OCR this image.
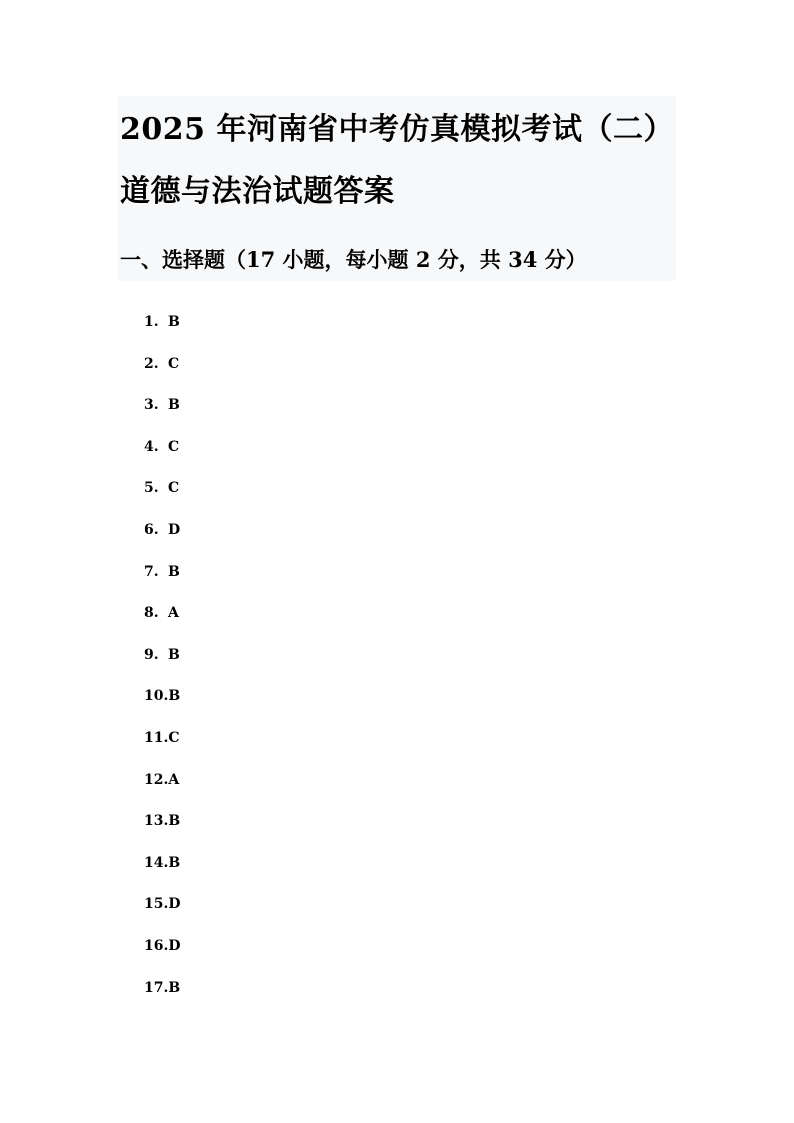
2025 年河南省中考仿真模拟考试（二）
道德与法治试题答案
一、选择题（17 小题，每小题 2 分，共 34 分）
1. B
2. C
3. B
4. C
5. C
6. D
7. B
8. A
9. B
10.B
11.C
12.A
13.B
14.B
15.D
16.D
17.B
